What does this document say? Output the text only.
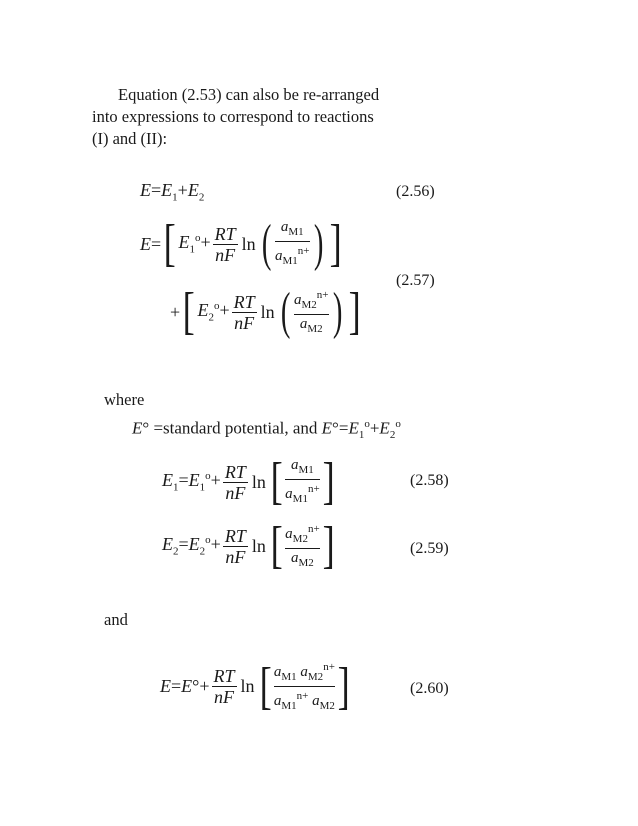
Equation (2.53) can also be re-arranged
into expressions to correspond to reactions
(I) and (II):
$E=E_1+E_2$	(2.56)
E=[ $E_1^o+ \frac{RT}{nF}$ ln ( $\frac{a_{M1}}{a_{M1}^{n+}}$ ) ]
(2.57)
+[ $E_2^o+ \frac{RT}{nF}$ ln ( $\frac{a_{M2}^{n+}}{a_{M2}}$ ) ]
where
E° =standard potential, and $E^\circ=E_1^o+E_2^o$
$E_1=E_1^o+ \frac{RT}{nF} \ln[ \frac{a_{M1}}{a_{M1}^{n+}}$ ]	(2.58)
$E_2=E_2^o+ \frac{RT}{nF} \ln[ \frac{a_{M2}^{n+}}{a_{M2}}$ ]	(2.59)
and
$E=E^\circ+ \frac{RT}{nF} \ln[ \frac{a_{M1} a_{M2}^{n+}}{a_{M1}^{n+} a_{M2}}$ ]	(2.60)
